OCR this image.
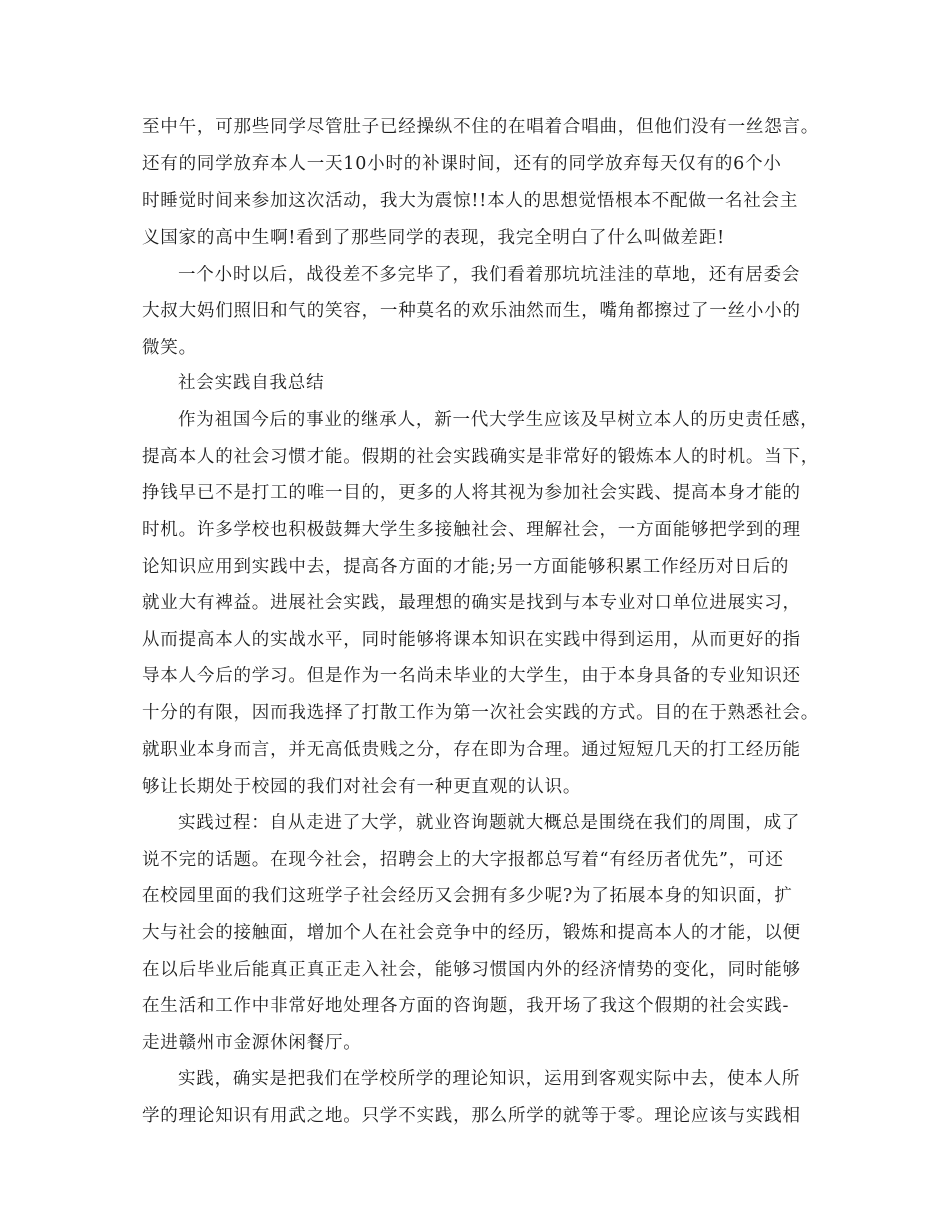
至中午，可那些同学尽管肚子已经操纵不住的在唱着合唱曲，但他们没有一丝怨言。

还有的同学放弃本人一天10小时的补课时间，还有的同学放弃每天仅有的6个小

时睡觉时间来参加这次活动，我大为震惊!!本人的思想觉悟根本不配做一名社会主

义国家的高中生啊!看到了那些同学的表现，我完全明白了什么叫做差距!

一个小时以后，战役差不多完毕了，我们看着那坑坑洼洼的草地，还有居委会

大叔大妈们照旧和气的笑容，一种莫名的欢乐油然而生，嘴角都擦过了一丝小小的

微笑。

社会实践自我总结

作为祖国今后的事业的继承人，新一代大学生应该及早树立本人的历史责任感，

提高本人的社会习惯才能。假期的社会实践确实是非常好的锻炼本人的时机。当下，

挣钱早已不是打工的唯一目的，更多的人将其视为参加社会实践、提高本身才能的

时机。许多学校也积极鼓舞大学生多接触社会、理解社会，一方面能够把学到的理

论知识应用到实践中去，提高各方面的才能;另一方面能够积累工作经历对日后的

就业大有裨益。进展社会实践，最理想的确实是找到与本专业对口单位进展实习，

从而提高本人的实战水平，同时能够将课本知识在实践中得到运用，从而更好的指

导本人今后的学习。但是作为一名尚未毕业的大学生，由于本身具备的专业知识还

十分的有限，因而我选择了打散工作为第一次社会实践的方式。目的在于熟悉社会。

就职业本身而言，并无高低贵贱之分，存在即为合理。通过短短几天的打工经历能

够让长期处于校园的我们对社会有一种更直观的认识。

实践过程：自从走进了大学，就业咨询题就大概总是围绕在我们的周围，成了

说不完的话题。在现今社会，招聘会上的大字报都总写着“有经历者优先”，可还

在校园里面的我们这班学子社会经历又会拥有多少呢?为了拓展本身的知识面，扩

大与社会的接触面，增加个人在社会竞争中的经历，锻炼和提高本人的才能，以便

在以后毕业后能真正真正走入社会，能够习惯国内外的经济情势的变化，同时能够

在生活和工作中非常好地处理各方面的咨询题，我开场了我这个假期的社会实践-

走进赣州市金源休闲餐厅。

实践，确实是把我们在学校所学的理论知识，运用到客观实际中去，使本人所

学的理论知识有用武之地。只学不实践，那么所学的就等于零。理论应该与实践相
